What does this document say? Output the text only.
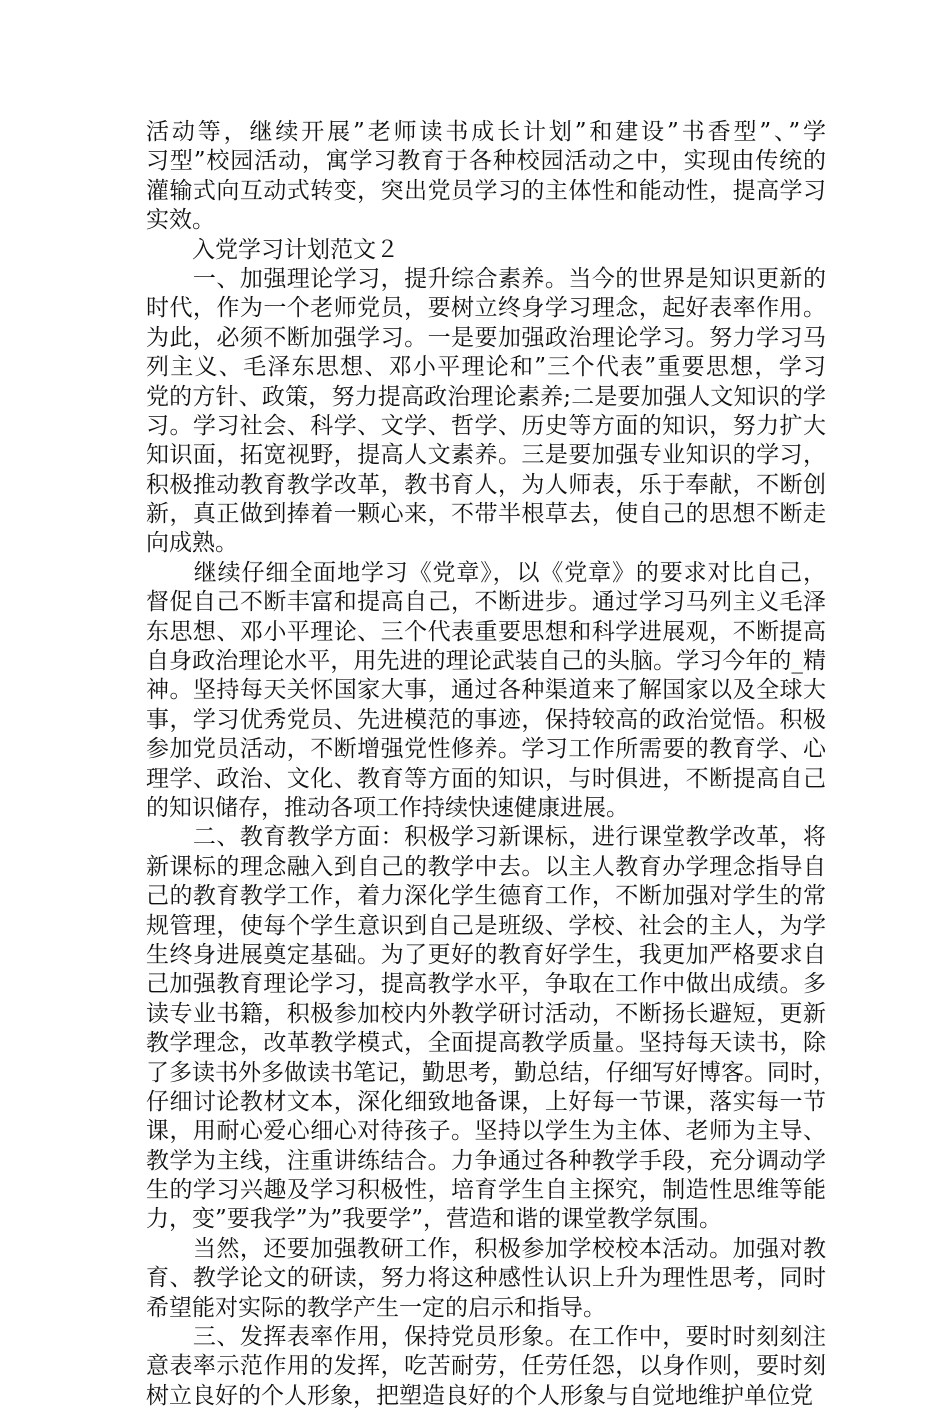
活动等，继续开展”老师读书成长计划”和建设”书香型”、”学
习型”校园活动，寓学习教育于各种校园活动之中，实现由传统的
灌输式向互动式转变，突出党员学习的主体性和能动性，提高学习
实效。
　　入党学习计划范文２
　　一、加强理论学习，提升综合素养。当今的世界是知识更新的
时代，作为一个老师党员，要树立终身学习理念，起好表率作用。
为此，必须不断加强学习。一是要加强政治理论学习。努力学习马
列主义、毛泽东思想、邓小平理论和”三个代表”重要思想，学习
党的方针、政策，努力提高政治理论素养;二是要加强人文知识的学
习。学习社会、科学、文学、哲学、历史等方面的知识，努力扩大
知识面，拓宽视野，提高人文素养。三是要加强专业知识的学习，
积极推动教育教学改革，教书育人，为人师表，乐于奉献，不断创
新，真正做到捧着一颗心来，不带半根草去，使自己的思想不断走
向成熟。
　　继续仔细全面地学习《党章》，以《党章》的要求对比自己，
督促自己不断丰富和提高自己，不断进步。通过学习马列主义毛泽
东思想、邓小平理论、三个代表重要思想和科学进展观，不断提高
自身政治理论水平，用先进的理论武装自己的头脑。学习今年的_精
神。坚持每天关怀国家大事，通过各种渠道来了解国家以及全球大
事，学习优秀党员、先进模范的事迹，保持较高的政治觉悟。积极
参加党员活动，不断增强党性修养。学习工作所需要的教育学、心
理学、政治、文化、教育等方面的知识，与时俱进，不断提高自己
的知识储存，推动各项工作持续快速健康进展。
　　二、教育教学方面：积极学习新课标，进行课堂教学改革，将
新课标的理念融入到自己的教学中去。以主人教育办学理念指导自
己的教育教学工作，着力深化学生德育工作，不断加强对学生的常
规管理，使每个学生意识到自己是班级、学校、社会的主人，为学
生终身进展奠定基础。为了更好的教育好学生，我更加严格要求自
己加强教育理论学习，提高教学水平，争取在工作中做出成绩。多
读专业书籍，积极参加校内外教学研讨活动，不断扬长避短，更新
教学理念，改革教学模式，全面提高教学质量。坚持每天读书，除
了多读书外多做读书笔记，勤思考，勤总结，仔细写好博客。同时，
仔细讨论教材文本，深化细致地备课，上好每一节课，落实每一节
课，用耐心爱心细心对待孩子。坚持以学生为主体、老师为主导、
教学为主线，注重讲练结合。力争通过各种教学手段，充分调动学
生的学习兴趣及学习积极性，培育学生自主探究，制造性思维等能
力，变”要我学”为”我要学”，营造和谐的课堂教学氛围。
　　当然，还要加强教研工作，积极参加学校校本活动。加强对教
育、教学论文的研读，努力将这种感性认识上升为理性思考，同时
希望能对实际的教学产生一定的启示和指导。
　　三、发挥表率作用，保持党员形象。在工作中，要时时刻刻注
意表率示范作用的发挥，吃苦耐劳，任劳任怨，以身作则，要时刻
树立良好的个人形象，把塑造良好的个人形象与自觉地维护单位党
